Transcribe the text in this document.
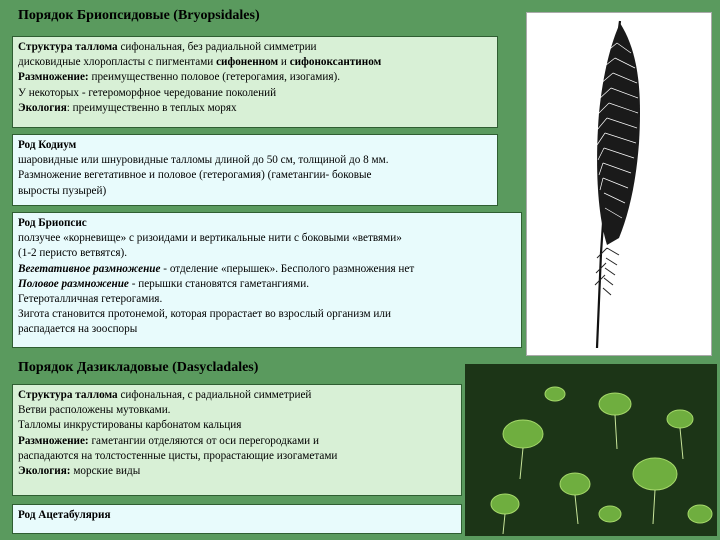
Порядок Бриопсидовые (Bryopsidales)
Структура таллома сифональная, без радиальной симметрии
дисковидные хлоропласты с пигментами сифоненном и сифоноксантином
Размножение: преимущественно половое (гетерогамия, изогамия).
У некоторых - гетероморфное чередование поколений
Экология: преимущественно в теплых морях
Род Кодиум
шаровидные или шнуровидные талломы длиной до 50 см, толщиной до 8 мм.
Размножение вегетативное и половое (гетерогамия) (гаметангии- боковые
выросты пузырей)
Род Бриопсис
ползучее «корневище» с ризоидами и вертикальные нити с боковыми «ветвями»
(1-2 перисто ветвятся).
Вегетативное размножение - отделение «перышек». Бесполого размножения нет
Половое размножение - перышки становятся гаметангиями.
Гетероталличная гетерогамия.
Зигота становится протонемой, которая прорастает во взрослый организм или
распадается на зооспоры
Порядок Дазикладовые (Dasycladales)
Структура таллома сифональная, с радиальной симметрией
Ветви расположены мутовками.
Талломы инкрустированы карбонатом кальция
Размножение: гаметангии отделяются от оси перегородками и
распадаются на толстостенные цисты, прорастающие изогаметами
Экология: морские виды
Род Ацетабулярия
